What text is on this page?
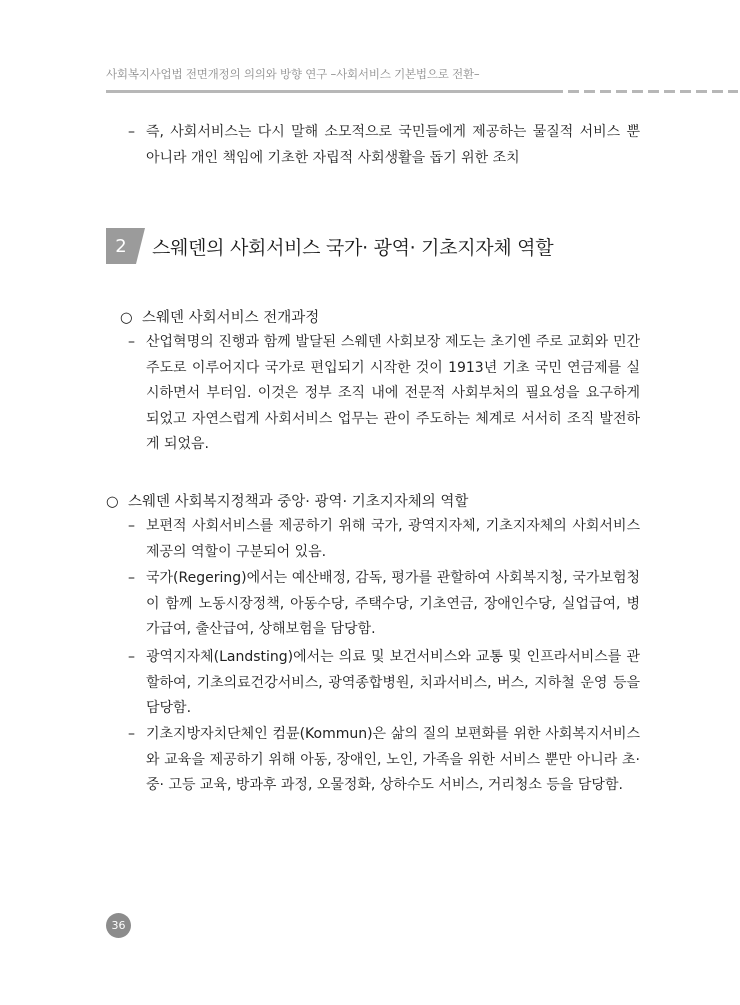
사회복지사업법 전면개정의 의의와 방향 연구 –사회서비스 기본법으로 전환–
– 즉, 사회서비스는 다시 말해 소모적으로 국민들에게 제공하는 물질적 서비스 뿐 아니라 개인 책임에 기초한 자립적 사회생활을 돕기 위한 조치
2	스웨덴의 사회서비스 국가· 광역· 기초지자체 역할
○ 스웨덴 사회서비스 전개과정
– 산업혁명의 진행과 함께 발달된 스웨덴 사회보장 제도는 초기엔 주로 교회와 민간 주도로 이루어지다 국가로 편입되기 시작한 것이 1913년 기초 국민 연금제를 실시하면서 부터임. 이것은 정부 조직 내에 전문적 사회부처의 필요성을 요구하게 되었고 자연스럽게 사회서비스 업무는 관이 주도하는 체계로 서서히 조직 발전하게 되었음.
○ 스웨덴 사회복지정책과 중앙· 광역· 기초지자체의 역할
– 보편적 사회서비스를 제공하기 위해 국가, 광역지자체, 기초지자체의 사회서비스 제공의 역할이 구분되어 있음.
– 국가(Regering)에서는 예산배정, 감독, 평가를 관할하여 사회복지청, 국가보험청이 함께 노동시장정책, 아동수당, 주택수당, 기초연금, 장애인수당, 실업급여, 병가급여, 출산급여, 상해보험을 담당함.
– 광역지자체(Landsting)에서는 의료 및 보건서비스와 교통 및 인프라서비스를 관할하여, 기초의료건강서비스, 광역종합병원, 치과서비스, 버스, 지하철 운영 등을 담당함.
– 기초지방자치단체인 컴뮨(Kommun)은 삶의 질의 보편화를 위한 사회복지서비스와 교육을 제공하기 위해 아동, 장애인, 노인, 가족을 위한 서비스 뿐만 아니라 초· 중· 고등 교육, 방과후 과정, 오물정화, 상하수도 서비스, 거리청소 등을 담당함.
36
